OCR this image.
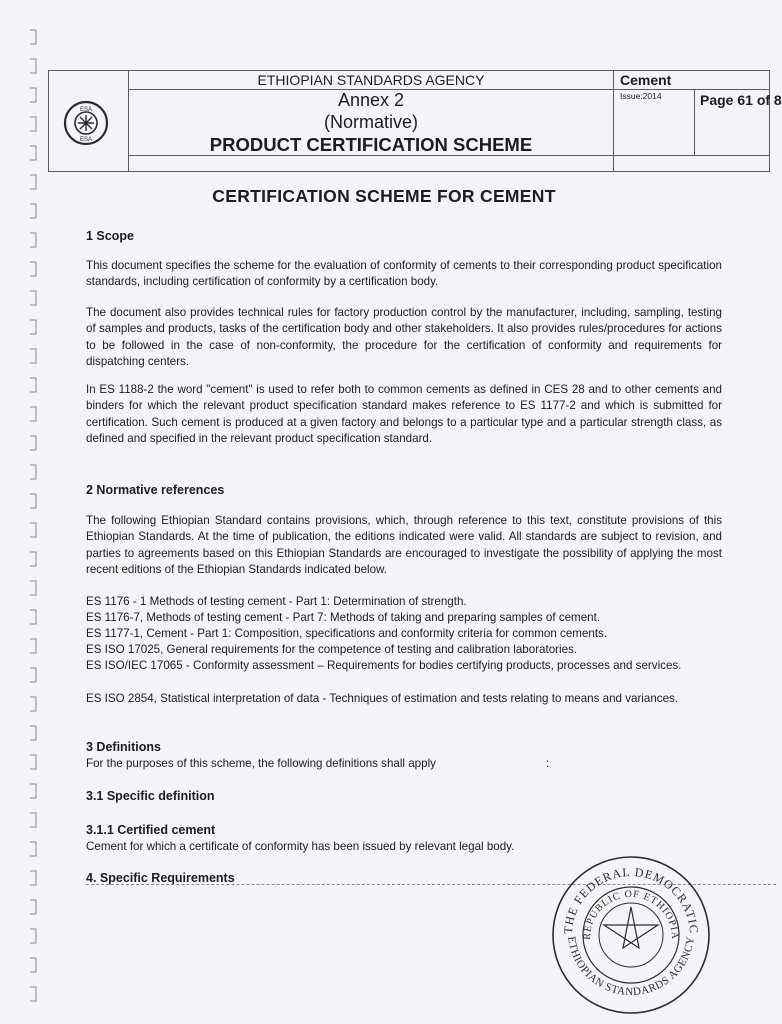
ESA
ESA
ETHIOPIAN STANDARDS AGENCY
Annex 2
(Normative)
PRODUCT CERTIFICATION SCHEME
Cement
Issue:2014	Page 61 of 8
CERTIFICATION SCHEME FOR CEMENT
1 Scope
This document specifies the scheme for the evaluation of conformity of cements to their corresponding product specification standards, including certification of conformity by a certification body.
The document also provides technical rules for factory production control by the manufacturer, including, sampling, testing of samples and products, tasks of the certification body and other stakeholders. It also provides rules/procedures for actions to be followed in the case of non-conformity, the procedure for the certification of conformity and requirements for dispatching centers.
In ES 1188-2 the word "cement" is used to refer both to common cements as defined in CES 28 and to other cements and binders for which the relevant product specification standard makes reference to ES 1177-2 and which is submitted for certification. Such cement is produced at a given factory and belongs to a particular type and a particular strength class, as defined and specified in the relevant product specification standard.
2 Normative references
The following Ethiopian Standard contains provisions, which, through reference to this text, constitute provisions of this Ethiopian Standards. At the time of publication, the editions indicated were valid. All standards are subject to revision, and parties to agreements based on this Ethiopian Standards are encouraged to investigate the possibility of applying the most recent editions of the Ethiopian Standards indicated below.
ES 1176 - 1 Methods of testing cement - Part 1: Determination of strength.
ES 1176-7, Methods of testing cement - Part 7: Methods of taking and preparing samples of cement.
ES 1177-1, Cement - Part 1: Composition, specifications and conformity criteria for common cements.
ES ISO 17025, General requirements for the competence of testing and calibration laboratories.
ES ISO/IEC 17065 - Conformity assessment – Requirements for bodies certifying products, processes and services.
ES ISO 2854, Statistical interpretation of data - Techniques of estimation and tests relating to means and variances.
3 Definitions
For the purposes of this scheme, the following definitions shall apply	:
3.1 Specific definition
3.1.1 Certified cement
Cement for which a certificate of conformity has been issued by relevant legal body.
4. Specific Requirements
THE FEDERAL DEMOCRATIC
REPUBLIC OF ETHIOPIA
ETHIOPIAN STANDARDS AGENCY
